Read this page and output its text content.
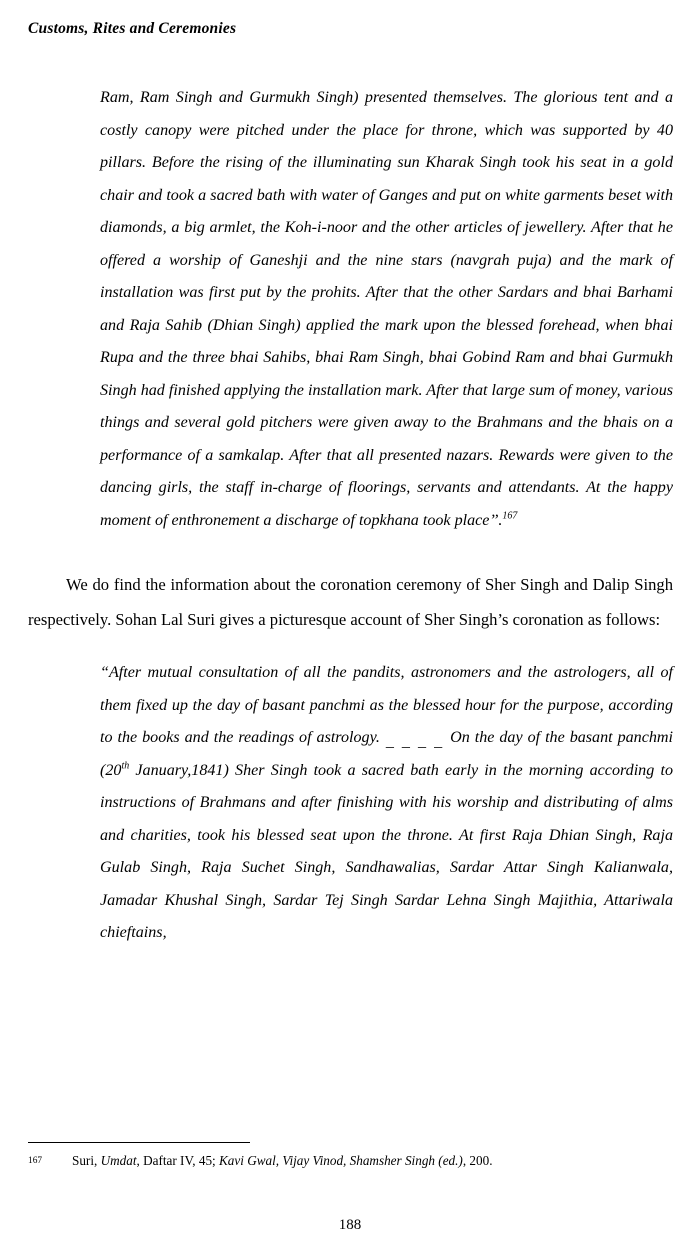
Customs, Rites and Ceremonies

Ram, Ram Singh and Gurmukh Singh) presented themselves. The glorious tent and a costly canopy were pitched under the place for throne, which was supported by 40 pillars. Before the rising of the illuminating sun Kharak Singh took his seat in a gold chair and took a sacred bath with water of Ganges and put on white garments beset with diamonds, a big armlet, the Koh-i-noor and the other articles of jewellery. After that he offered a worship of Ganeshji and the nine stars (navgrah puja) and the mark of installation was first put by the prohits. After that the other Sardars and bhai Barhami and Raja Sahib (Dhian Singh) applied the mark upon the blessed forehead, when bhai Rupa and the three bhai Sahibs, bhai Ram Singh, bhai Gobind Ram and bhai Gurmukh Singh had finished applying the installation mark. After that large sum of money, various things and several gold pitchers were given away to the Brahmans and the bhais on a performance of a samkalap. After that all presented nazars. Rewards were given to the dancing girls, the staff in-charge of floorings, servants and attendants. At the happy moment of enthronement a discharge of topkhana took place’’.$^{167}$

We do find the information about the coronation ceremony of Sher Singh and Dalip Singh respectively. Sohan Lal Suri gives a picturesque account of Sher Singh’s coronation as follows:

“After mutual consultation of all the pandits, astronomers and the astrologers, all of them fixed up the day of basant panchmi as the blessed hour for the purpose, according to the books and the readings of astrology. _ _ _ _ On the day of the basant panchmi (20th January,1841) Sher Singh took a sacred bath early in the morning according to instructions of Brahmans and after finishing with his worship and distributing of alms and charities, took his blessed seat upon the throne. At first Raja Dhian Singh, Raja Gulab Singh, Raja Suchet Singh, Sandhawalias, Sardar Attar Singh Kalianwala, Jamadar Khushal Singh, Sardar Tej Singh Sardar Lehna Singh Majithia, Attariwala chieftains,

167	Suri, Umdat, Daftar IV, 45; Kavi Gwal, Vijay Vinod, Shamsher Singh (ed.), 200.
188
